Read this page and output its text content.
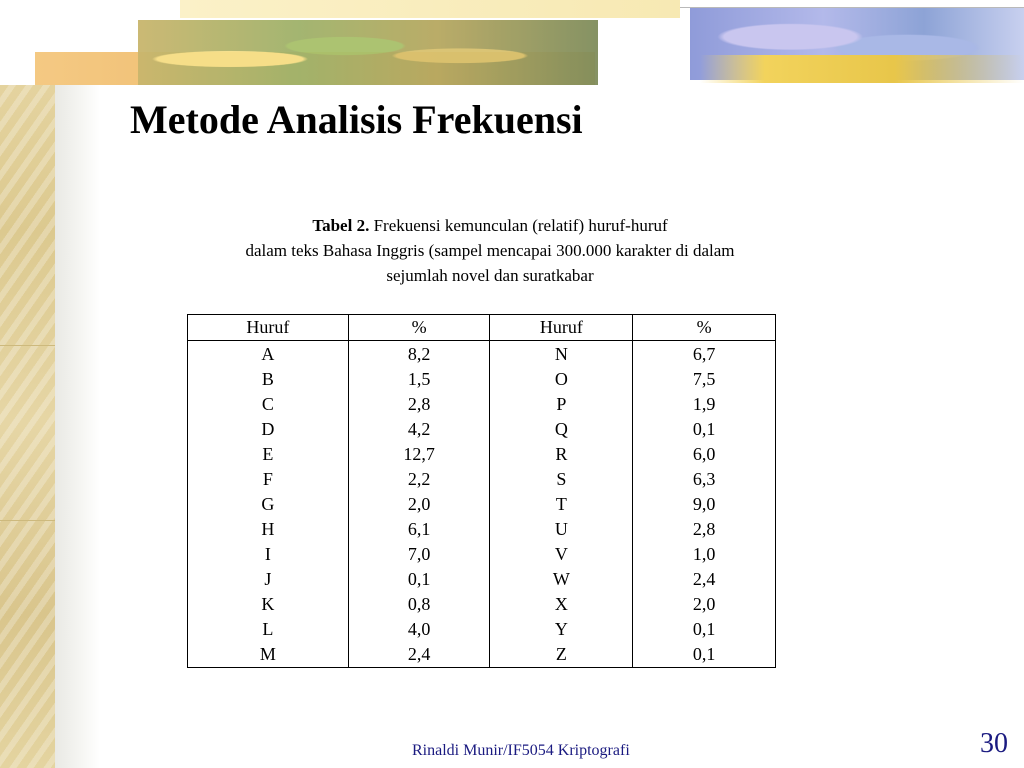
Metode Analisis Frekuensi
Tabel 2. Frekuensi kemunculan (relatif) huruf-huruf
dalam teks Bahasa Inggris (sampel mencapai 300.000 karakter di dalam
sejumlah novel dan suratkabar
Huruf	%	Huruf	%
A	8,2	N	6,7
B	1,5	O	7,5
C	2,8	P	1,9
D	4,2	Q	0,1
E	12,7	R	6,0
F	2,2	S	6,3
G	2,0	T	9,0
H	6,1	U	2,8
I	7,0	V	1,0
J	0,1	W	2,4
K	0,8	X	2,0
L	4,0	Y	0,1
M	2,4	Z	0,1
Rinaldi Munir/IF5054 Kriptografi	30
